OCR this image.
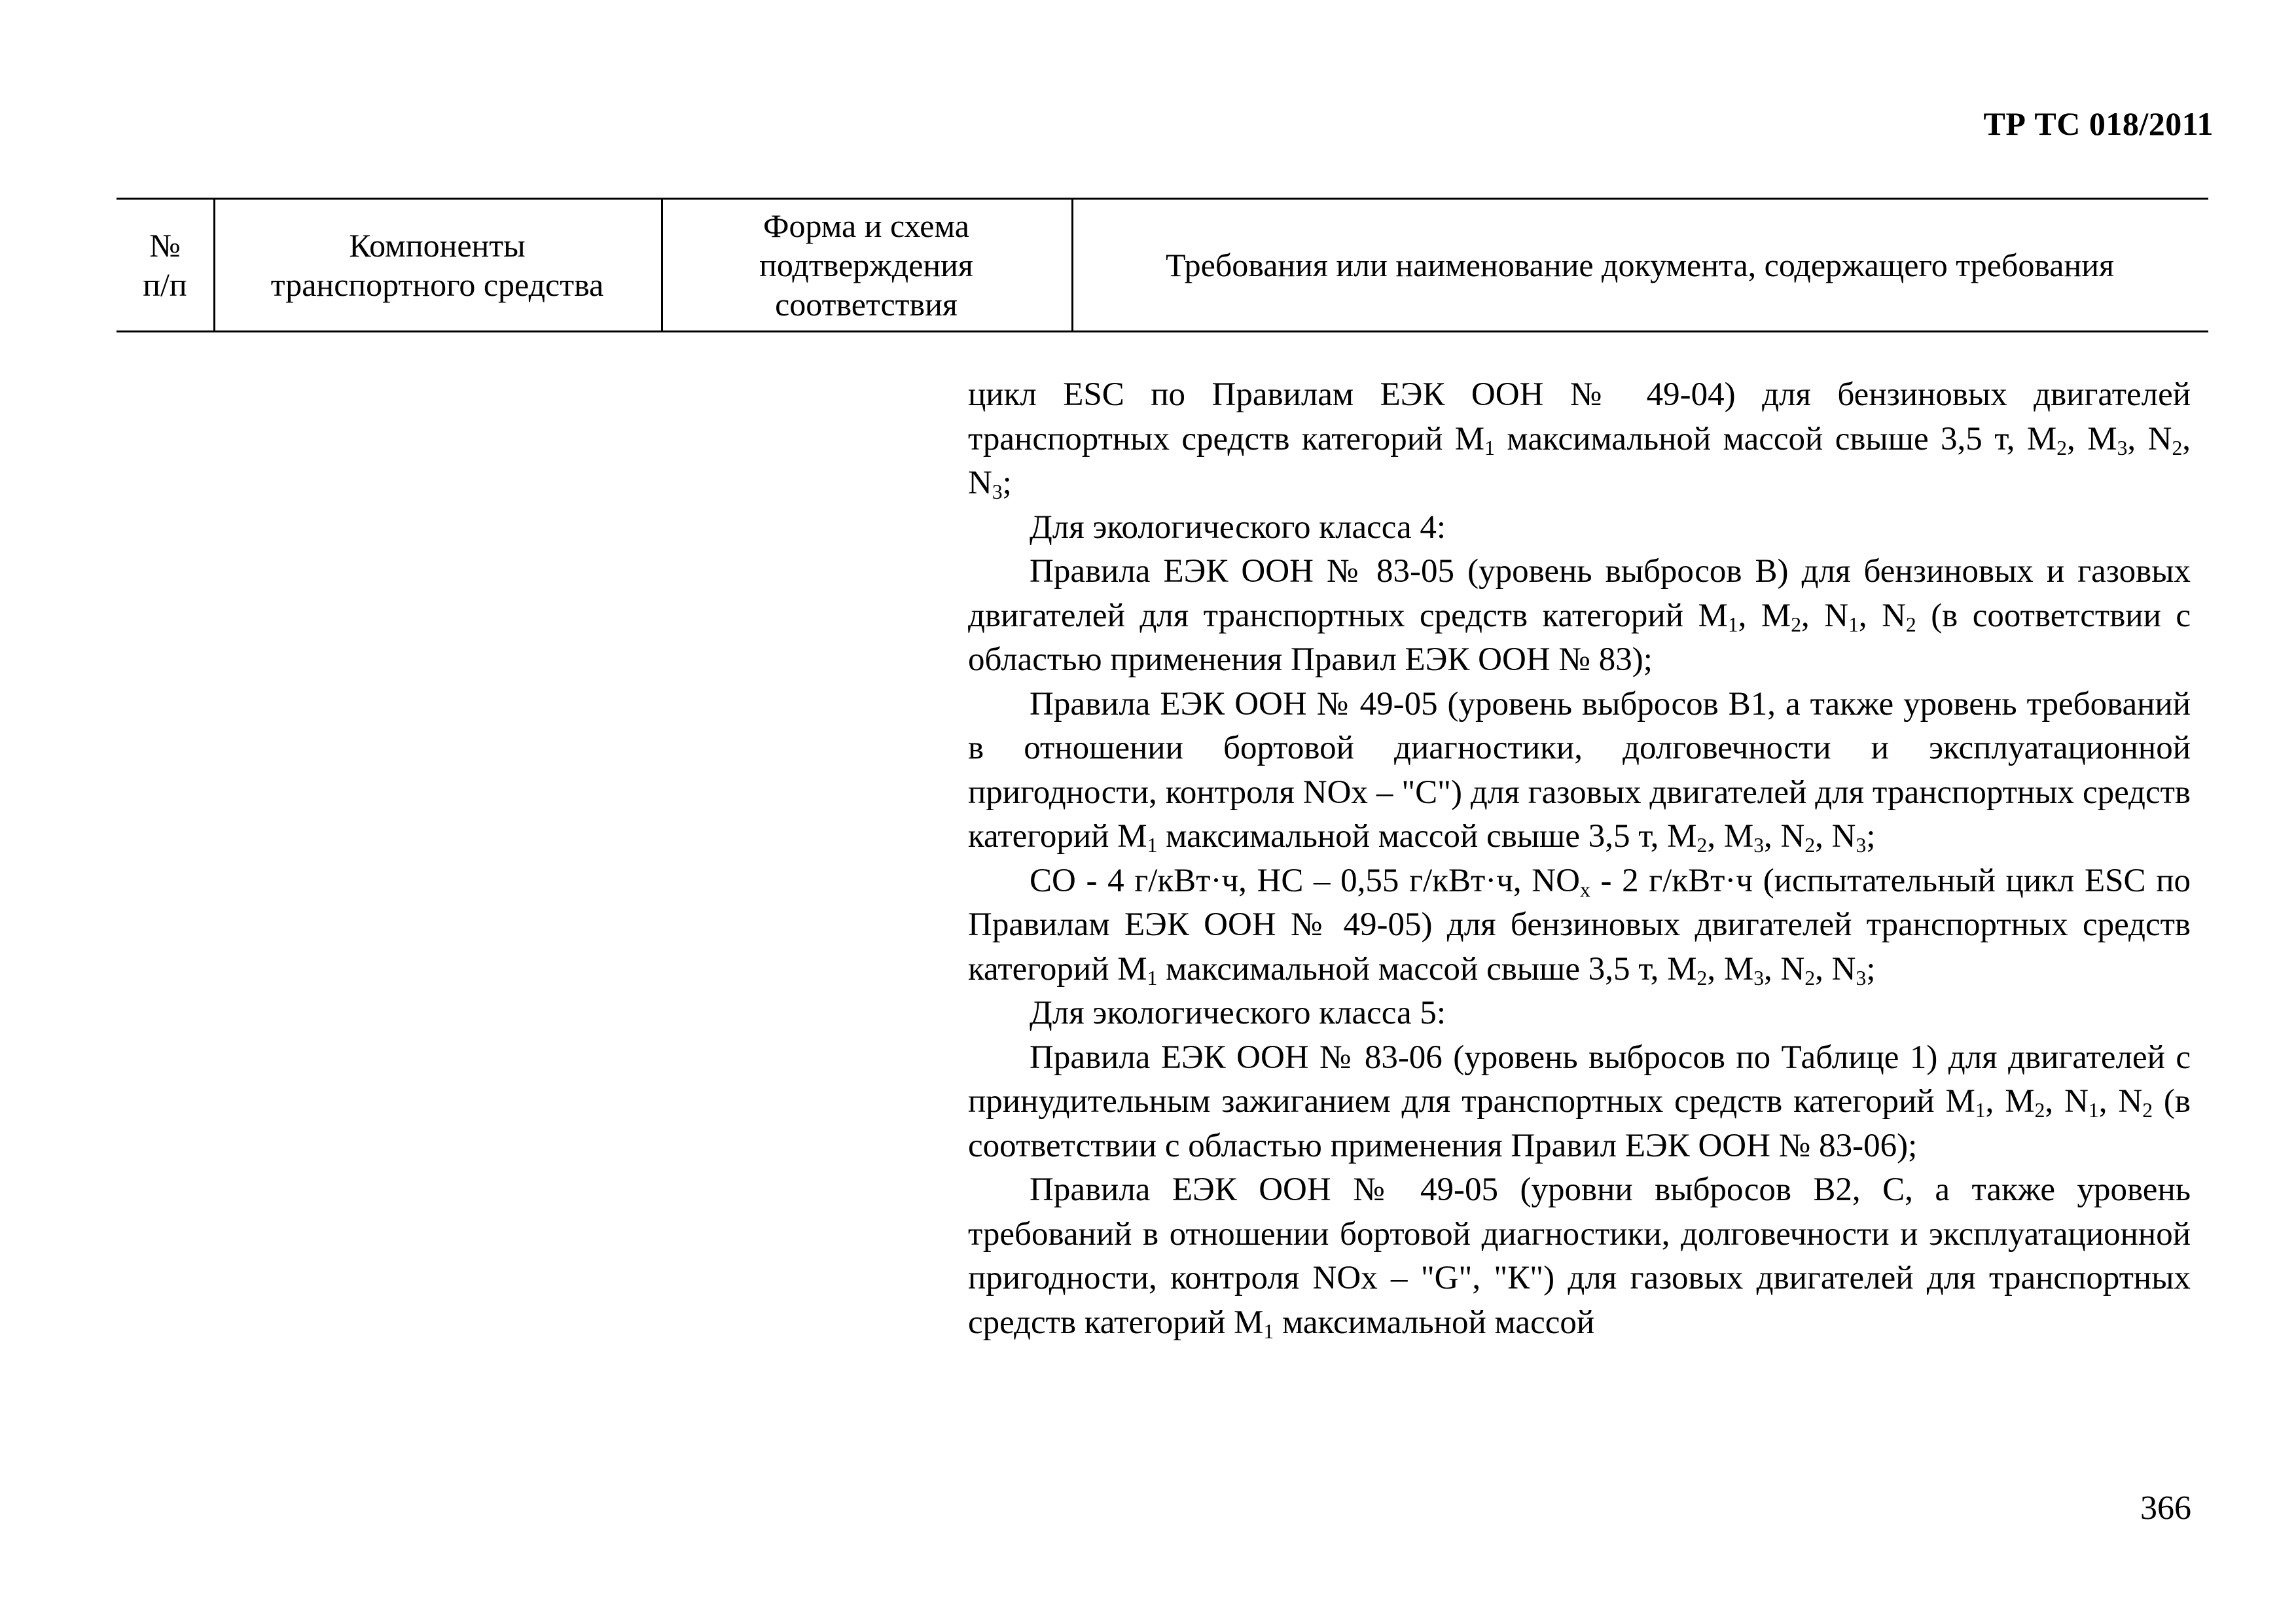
ТР ТС 018/2011
№
п/п
Компоненты
транспортного средства
Форма и схема
подтверждения
соответствия
Требования или наименование документа, содержащего требования

цикл ESC по Правилам ЕЭК ООН № 49-04) для бензиновых двигателей транспортных средств категорий $M_1$ максимальной массой свыше 3,5 т, $M_2$, $M_3$, $N_2$, $N_3$;

Для экологического класса 4:

Правила ЕЭК ООН № 83-05 (уровень выбросов В) для бензиновых и газовых двигателей для транспортных средств категорий $M_1$, $M_2$, $N_1$, $N_2$ (в соответствии с областью применения Правил ЕЭК ООН № 83);

Правила ЕЭК ООН № 49-05 (уровень выбросов В1, а также уровень требований в отношении бортовой диагностики, долговечности и эксплуатационной пригодности, контроля NOx – "С") для газовых двигателей для транспортных средств категорий $M_1$ максимальной массой свыше 3,5 т, $M_2$, $M_3$, $N_2$, $N_3$;

СО - 4 г/кВт·ч, НС – 0,55 г/кВт·ч, $NO_x - 2$ г/кВт·ч (испытательный цикл ESC по Правилам ЕЭК ООН № 49-05) для бензиновых двигателей транспортных средств категорий $M_1$ максимальной массой свыше 3,5 т, $M_2$, $M_3$, $N_2$, $N_3$;

Для экологического класса 5:

Правила ЕЭК ООН № 83-06 (уровень выбросов по Таблице 1) для двигателей с принудительным зажиганием для транспортных средств категорий $M_1$, $M_2$, $N_1$, $N_2$ (в соответствии с областью применения Правил ЕЭК ООН № 83-06);

Правила ЕЭК ООН № 49-05 (уровни выбросов В2, С, а также уровень требований в отношении бортовой диагностики, долговечности и эксплуатационной пригодности, контроля NOx – "G", "К") для газовых двигателей для транспортных средств категорий $M_1$ максимальной массой

366
